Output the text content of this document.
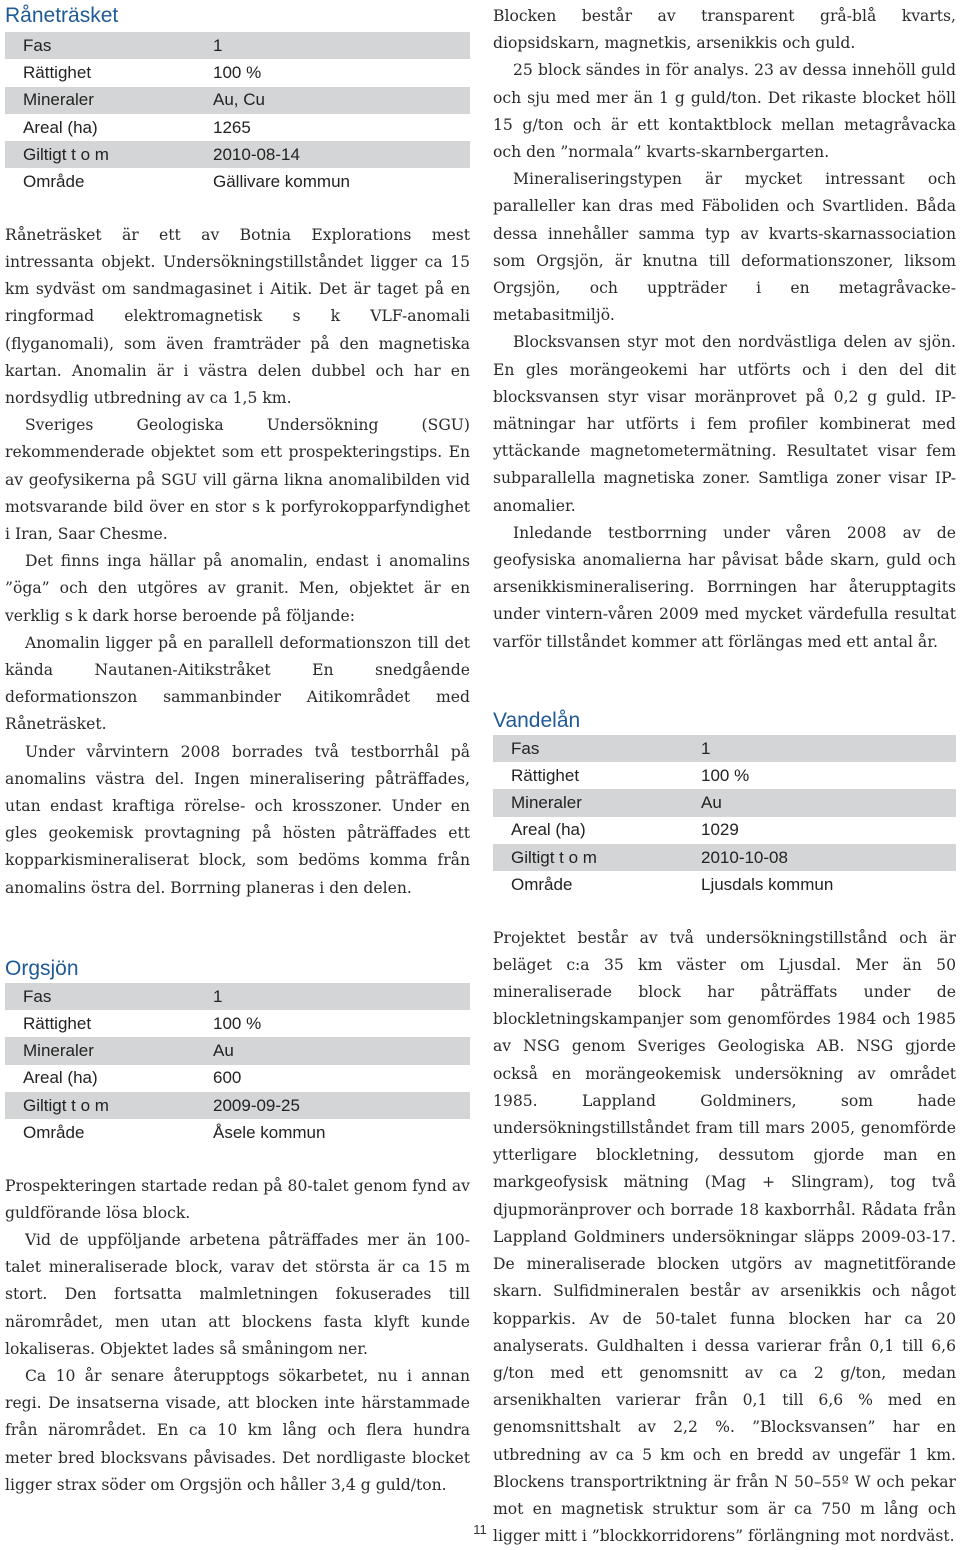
Råneträsket
Fas	1
Rättighet	100 %
Mineraler	Au, Cu
Areal (ha)	1265
Giltigt t o m	2010-08-14
Område	Gällivare kommun

Råneträsket är ett av Botnia Explorations mest intressanta objekt. Undersökningstillståndet ligger ca 15 km sydväst om sandmagasinet i Aitik. Det är taget på en ringformad elektromagnetisk s k VLF-anomali (flyganomali), som även framträder på den magnetiska kartan. Anomalin är i västra delen dubbel och har en nordsydlig utbredning av ca 1,5 km.

Sveriges Geologiska Undersökning (SGU) rekommenderade objektet som ett prospekteringstips. En av geofysikerna på SGU vill gärna likna anomalibilden vid motsvarande bild över en stor s k porfyrokopparfyndighet i Iran, Saar Chesme.

Det finns inga hällar på anomalin, endast i anomalins ”öga” och den utgöres av granit. Men, objektet är en verklig s k dark horse beroende på följande:

Anomalin ligger på en parallell deformationszon till det kända Nautanen-Aitikstråket En snedgående deformationszon sammanbinder Aitikområdet med Råneträsket.

Under vårvintern 2008 borrades två testborrhål på anomalins västra del. Ingen mineralisering påträffades, utan endast kraftiga rörelse- och krosszoner. Under en gles geokemisk provtagning på hösten påträffades ett kopparkismineraliserat block, som bedöms komma från anomalins östra del. Borrning planeras i den delen.

Orgsjön
Fas	1
Rättighet	100 %
Mineraler	Au
Areal (ha)	600
Giltigt t o m	2009-09-25
Område	Åsele kommun

Prospekteringen startade redan på 80-talet genom fynd av guldförande lösa block.

Vid de uppföljande arbetena påträffades mer än 100-talet mineraliserade block, varav det största är ca 15 m stort. Den fortsatta malmletningen fokuserades till närområdet, men utan att blockens fasta klyft kunde lokaliseras. Objektet lades så småningom ner.

Ca 10 år senare återupptogs sökarbetet, nu i annan regi. De insatserna visade, att blocken inte härstammade från närområdet. En ca 10 km lång och flera hundra meter bred blocksvans påvisades. Det nordligaste blocket ligger strax söder om Orgsjön och håller 3,4 g guld/ton.

Blocken består av transparent grå-blå kvarts, diopsidskarn, magnetkis, arsenikkis och guld.

25 block sändes in för analys. 23 av dessa innehöll guld och sju med mer än 1 g guld/ton. Det rikaste blocket höll 15 g/ton och är ett kontaktblock mellan metagråvacka och den ”normala” kvarts-skarnbergarten.

Mineraliseringstypen är mycket intressant och paralleller kan dras med Fäboliden och Svartliden. Båda dessa innehåller samma typ av kvarts-skarnassociation som Orgsjön, är knutna till deformationszoner, liksom Orgsjön, och uppträder i en metagråvacke-metabasitmiljö.

Blocksvansen styr mot den nordvästliga delen av sjön. En gles morängeokemi har utförts och i den del dit blocksvansen styr visar moränprovet på 0,2 g guld. IP-mätningar har utförts i fem profiler kombinerat med yttäckande magnetometermätning. Resultatet visar fem subparallella magnetiska zoner. Samtliga zoner visar IP-anomalier.

Inledande testborrning under våren 2008 av de geofysiska anomalierna har påvisat både skarn, guld och arsenikkismineralisering. Borrningen har återupptagits under vintern-våren 2009 med mycket värdefulla resultat varför tillståndet kommer att förlängas med ett antal år.

Vandelån
Fas	1
Rättighet	100 %
Mineraler	Au
Areal (ha)	1029
Giltigt t o m	2010-10-08
Område	Ljusdals kommun

Projektet består av två undersökningstillstånd och är beläget c:a 35 km väster om Ljusdal. Mer än 50 mineraliserade block har påträffats under de blockletningskampanjer som genomfördes 1984 och 1985 av NSG genom Sveriges Geologiska AB. NSG gjorde också en morängeokemisk undersökning av området 1985. Lappland Goldminers, som hade undersökningstillståndet fram till mars 2005, genomförde ytterligare blockletning, dessutom gjorde man en markgeofysisk mätning (Mag + Slingram), tog två djupmoränprover och borrade 18 kaxborrhål. Rådata från Lappland Goldminers undersökningar släpps 2009-03-17. De mineraliserade blocken utgörs av magnetitförande skarn. Sulfidmineralen består av arsenikkis och något kopparkis. Av de 50-talet funna blocken har ca 20 analyserats. Guldhalten i dessa varierar från 0,1 till 6,6 g/ton med ett genomsnitt av ca 2 g/ton, medan arsenikhalten varierar från 0,1 till 6,6 % med en genomsnittshalt av 2,2 %. ”Blocksvansen” har en utbredning av ca 5 km och en bredd av ungefär 1 km. Blockens transportriktning är från N 50–55º W och pekar mot en magnetisk struktur som är ca 750 m lång och ligger mitt i ”blockkorridorens” förlängning mot nordväst.

11
